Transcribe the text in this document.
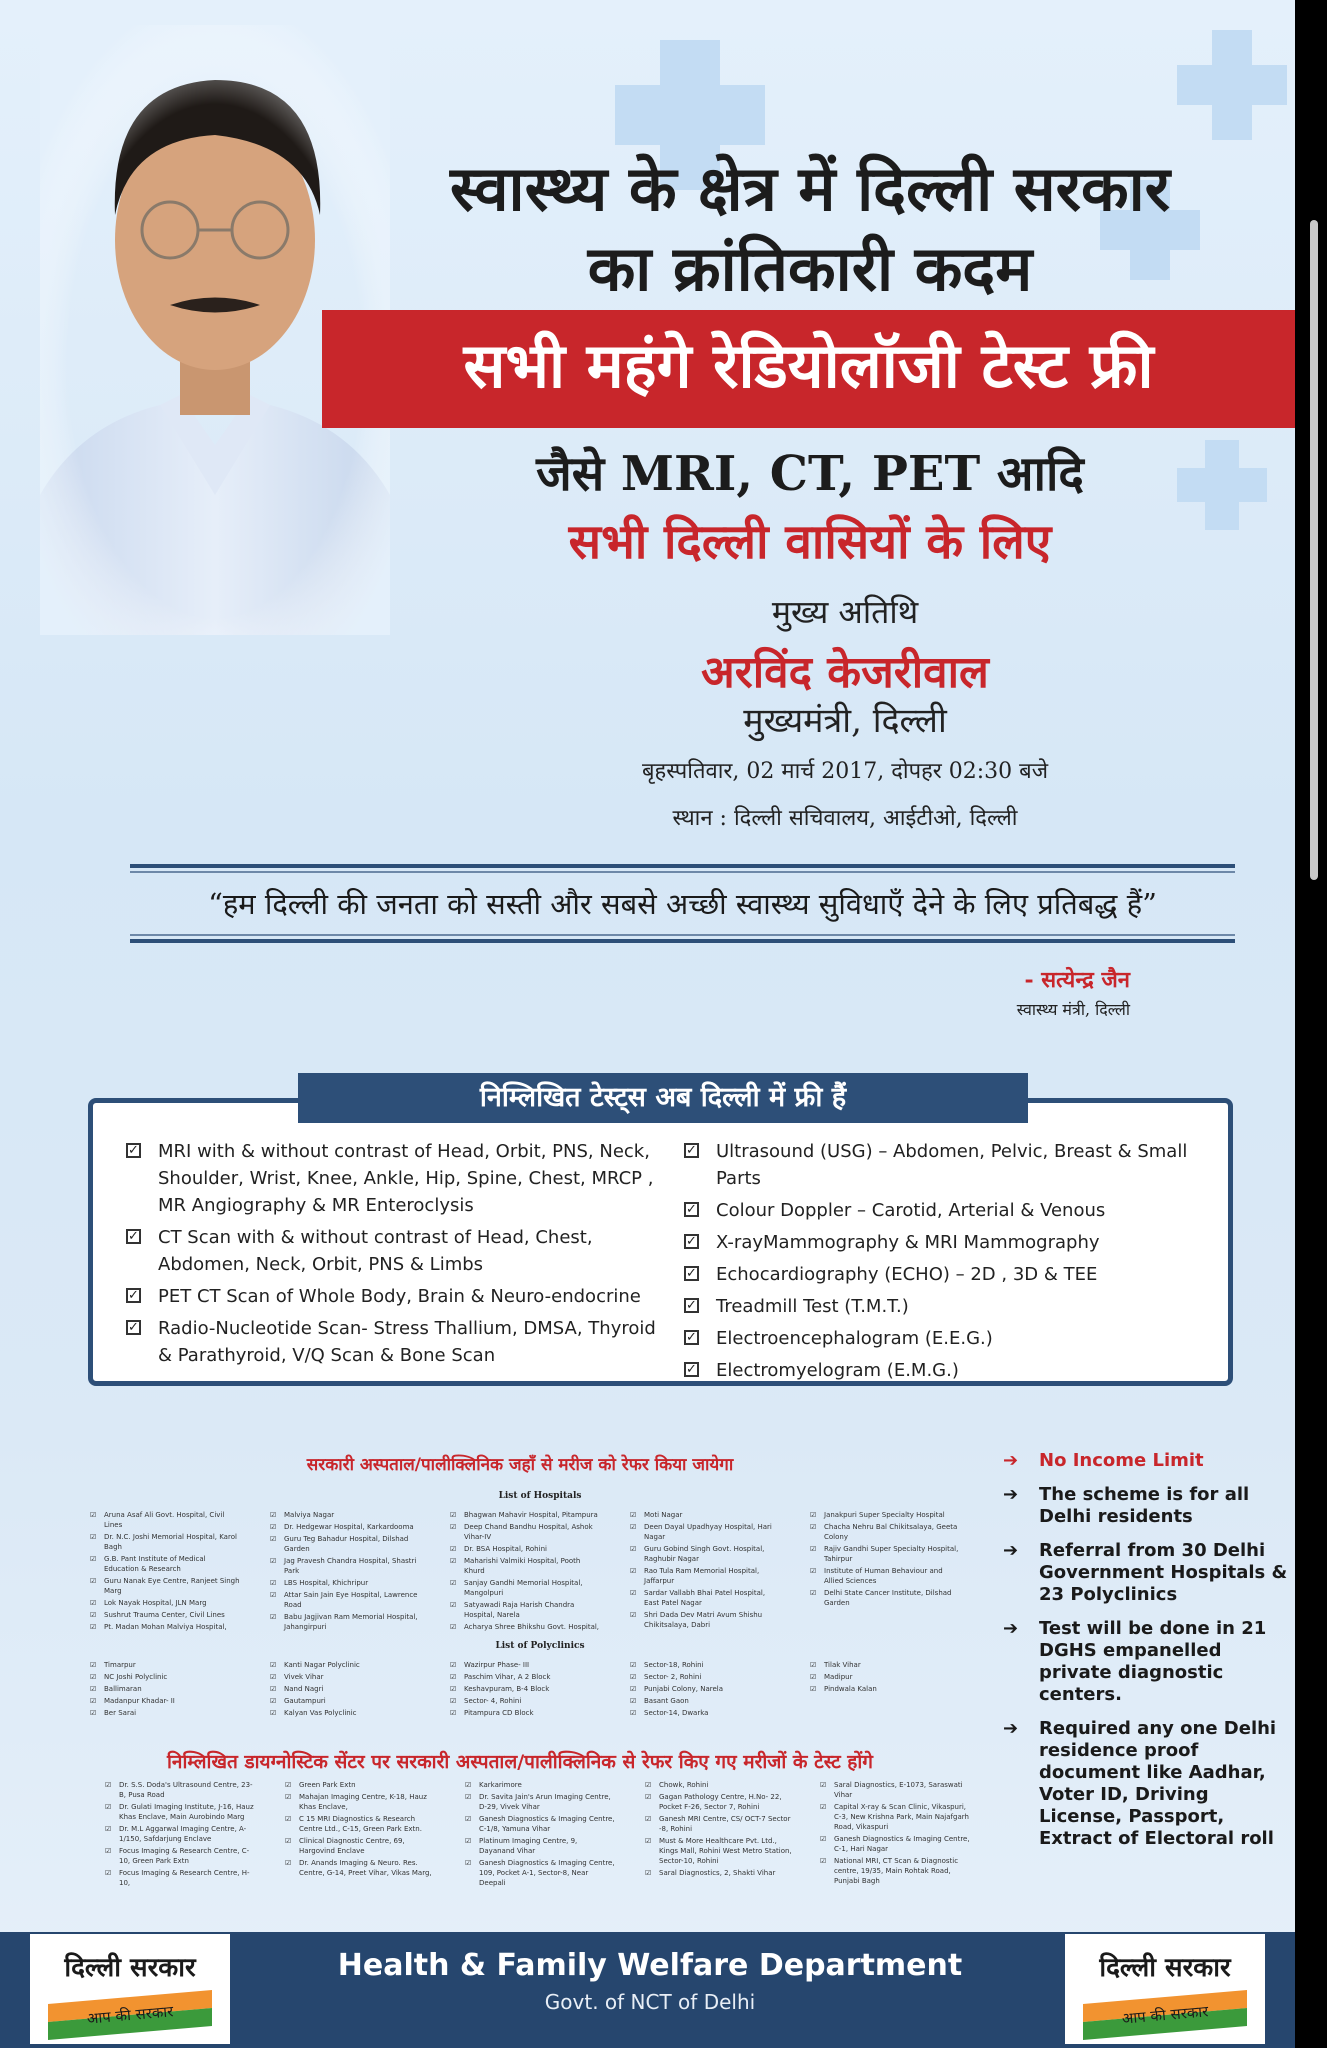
स्वास्थ्य के क्षेत्र में दिल्ली सरकार
का क्रांतिकारी कदम
सभी महंगे रेडियोलॉजी टेस्ट फ्री
जैसे MRI, CT, PET आदि
सभी दिल्ली वासियों के लिए
मुख्य अतिथि
अरविंद केजरीवाल
मुख्यमंत्री, दिल्ली
बृहस्पतिवार, 02 मार्च 2017, दोपहर 02:30 बजे
स्थान : दिल्ली सचिवालय, आईटीओ, दिल्ली
“हम दिल्ली की जनता को सस्ती और सबसे अच्छी स्वास्थ्य सुविधाएँ देने के लिए प्रतिबद्ध हैं”
- सत्येन्द्र जैन
स्वास्थ्य मंत्री, दिल्ली
निम्लिखित टेस्ट्स अब दिल्ली में फ्री हैं
✓ MRI with & without contrast of Head, Orbit, PNS, Neck, Shoulder, Wrist, Knee, Ankle, Hip, Spine, Chest, MRCP , MR Angiography & MR Enteroclysis
✓ CT Scan with & without contrast of Head, Chest, Abdomen, Neck, Orbit, PNS & Limbs
✓ PET CT Scan of Whole Body, Brain & Neuro-endocrine
✓ Radio-Nucleotide Scan- Stress Thallium, DMSA, Thyroid & Parathyroid, V/Q Scan & Bone Scan
✓ Ultrasound (USG) – Abdomen, Pelvic, Breast & Small Parts
✓ Colour Doppler – Carotid, Arterial & Venous
✓ X-rayMammography & MRI Mammography
✓ Echocardiography (ECHO) – 2D , 3D & TEE
✓ Treadmill Test (T.M.T.)
✓ Electroencephalogram (E.E.G.)
✓ Electromyelogram (E.M.G.)
सरकारी अस्पताल/पालीक्लिनिक जहाँ से मरीज को रेफर किया जायेगा
List of Hospitals
☑ Aruna Asaf Ali Govt. Hospital, Civil Lines
☑ Dr. N.C. Joshi Memorial Hospital, Karol Bagh
☑ G.B. Pant Institute of Medical Education & Research
☑ Guru Nanak Eye Centre, Ranjeet Singh Marg
☑ Lok Nayak Hospital, JLN Marg
☑ Sushrut Trauma Center, Civil Lines
☑ Pt. Madan Mohan Malviya Hospital,
☑ Malviya Nagar
☑ Dr. Hedgewar Hospital, Karkardooma
☑ Guru Teg Bahadur Hospital, Dilshad Garden
☑ Jag Pravesh Chandra Hospital, Shastri Park
☑ LBS Hospital, Khichripur
☑ Attar Sain Jain Eye Hospital, Lawrence Road
☑ Babu Jagjivan Ram Memorial Hospital, Jahangirpuri
☑ Bhagwan Mahavir Hospital, Pitampura
☑ Deep Chand Bandhu Hospital, Ashok Vihar-IV
☑ Dr. BSA Hospital, Rohini
☑ Maharishi Valmiki Hospital, Pooth Khurd
☑ Sanjay Gandhi Memorial Hospital, Mangolpuri
☑ Satyawadi Raja Harish Chandra Hospital, Narela
☑ Acharya Shree Bhikshu Govt. Hospital,
☑ Moti Nagar
☑ Deen Dayal Upadhyay Hospital, Hari Nagar
☑ Guru Gobind Singh Govt. Hospital, Raghubir Nagar
☑ Rao Tula Ram Memorial Hospital, Jaffarpur
☑ Sardar Vallabh Bhai Patel Hospital, East Patel Nagar
☑ Shri Dada Dev Matri Avum Shishu Chikitsalaya, Dabri
☑ Janakpuri Super Specialty Hospital
☑ Chacha Nehru Bal Chikitsalaya, Geeta Colony
☑ Rajiv Gandhi Super Specialty Hospital, Tahirpur
☑ Institute of Human Behaviour and Allied Sciences
☑ Delhi State Cancer Institute, Dilshad Garden
List of Polyclinics
☑ Timarpur
☑ NC Joshi Polyclinic
☑ Ballimaran
☑ Madanpur Khadar- II
☑ Ber Sarai
☑ Kanti Nagar Polyclinic
☑ Vivek Vihar
☑ Nand Nagri
☑ Gautampuri
☑ Kalyan Vas Polyclinic
☑ Wazirpur Phase- III
☑ Paschim Vihar, A 2 Block
☑ Keshavpuram, B-4 Block
☑ Sector- 4, Rohini
☑ Pitampura CD Block
☑ Sector-18, Rohini
☑ Sector- 2, Rohini
☑ Punjabi Colony, Narela
☑ Basant Gaon
☑ Sector-14, Dwarka
☑ Tilak Vihar
☑ Madipur
☑ Pindwala Kalan
निम्लिखित डायग्नोस्टिक सेंटर पर सरकारी अस्पताल/पालीक्लिनिक से रेफर किए गए मरीजों के टेस्ट होंगे
☑ Dr. S.S. Doda's Ultrasound Centre, 23-B, Pusa Road
☑ Dr. Gulati Imaging Institute, J-16, Hauz Khas Enclave, Main Aurobindo Marg
☑ Dr. M.L Aggarwal Imaging Centre, A-1/150, Safdarjung Enclave
☑ Focus Imaging & Research Centre, C-10, Green Park Extn
☑ Focus Imaging & Research Centre, H-10,
☑ Green Park Extn
☑ Mahajan Imaging Centre, K-18, Hauz Khas Enclave,
☑ C 15 MRI Diagnostics & Research Centre Ltd., C-15, Green Park Extn.
☑ Clinical Diagnostic Centre, 69, Hargovind Enclave
☑ Dr. Anands Imaging & Neuro. Res. Centre, G-14, Preet Vihar, Vikas Marg,
☑ Karkarimore
☑ Dr. Savita Jain's Arun Imaging Centre, D-29, Vivek Vihar
☑ Ganesh Diagnostics & Imaging Centre, C-1/8, Yamuna Vihar
☑ Platinum Imaging Centre, 9, Dayanand Vihar
☑ Ganesh Diagnostics & Imaging Centre, 109, Pocket A-1, Sector-8, Near Deepali
☑ Chowk, Rohini
☑ Gagan Pathology Centre, H.No- 22, Pocket F-26, Sector 7, Rohini
☑ Ganesh MRI Centre, CS/ OCT-7 Sector -8, Rohini
☑ Must & More Healthcare Pvt. Ltd., Kings Mall, Rohini West Metro Station, Sector-10, Rohini
☑ Saral Diagnostics, 2, Shakti Vihar
☑ Saral Diagnostics, E-1073, Saraswati Vihar
☑ Capital X-ray & Scan Clinic, Vikaspuri, C-3, New Krishna Park, Main Najafgarh Road, Vikaspuri
☑ Ganesh Diagnostics & Imaging Centre, C-1, Hari Nagar
☑ National MRI, CT Scan & Diagnostic centre, 19/35, Main Rohtak Road, Punjabi Bagh
➔ No Income Limit
➔ The scheme is for all Delhi residents
➔ Referral from 30 Delhi Government Hospitals & 23 Polyclinics
➔ Test will be done in 21 DGHS empanelled private diagnostic centers.
➔ Required any one Delhi residence proof document like Aadhar, Voter ID, Driving License, Passport, Extract of Electoral roll
Health & Family Welfare Department
Govt. of NCT of Delhi
दिल्ली सरकार
आप की सरकार
दिल्ली सरकार
आप की सरकार
